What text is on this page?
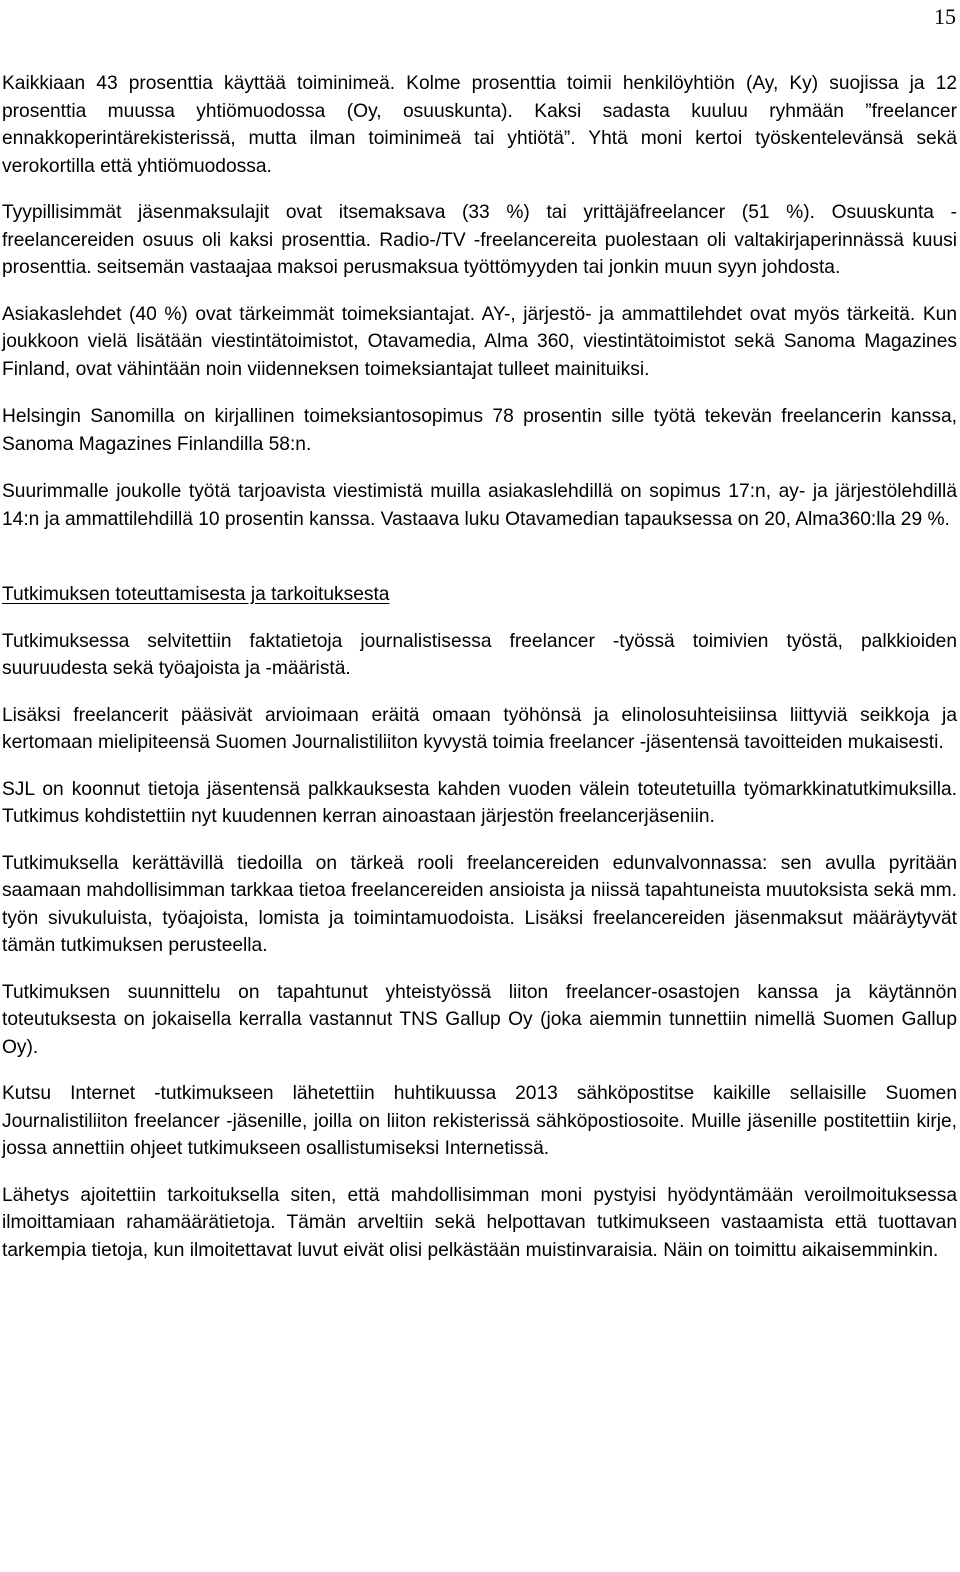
15

Kaikkiaan 43 prosenttia käyttää toiminimeä. Kolme prosenttia toimii henkilöyhtiön (Ay, Ky) suojissa ja 12 prosenttia muussa yhtiömuodossa (Oy, osuuskunta). Kaksi sadasta kuuluu ryhmään ”freelancer ennakkoperintärekisterissä, mutta ilman toiminimeä tai yhtiötä”. Yhtä moni kertoi työskentelevänsä sekä verokortilla että yhtiömuodossa.

Tyypillisimmät jäsenmaksulajit ovat itsemaksava (33 %) tai yrittäjäfreelancer (51 %). Osuuskunta -freelancereiden osuus oli kaksi prosenttia. Radio-/TV -freelancereita puolestaan oli valtakirjaperinnässä kuusi prosenttia. seitsemän vastaajaa maksoi perusmaksua työttömyyden tai jonkin muun syyn johdosta.

Asiakaslehdet (40 %) ovat tärkeimmät toimeksiantajat. AY-, järjestö- ja ammattilehdet ovat myös tärkeitä. Kun joukkoon vielä lisätään viestintätoimistot, Otavamedia, Alma 360, viestintätoimistot sekä Sanoma Magazines Finland, ovat vähintään noin viidenneksen toimeksiantajat tulleet mainituiksi.

Helsingin Sanomilla on kirjallinen toimeksiantosopimus 78 prosentin sille työtä tekevän freelancerin kanssa, Sanoma Magazines Finlandilla 58:n.

Suurimmalle joukolle työtä tarjoavista viestimistä muilla asiakaslehdillä on sopimus 17:n, ay- ja järjestölehdillä 14:n ja ammattilehdillä 10 prosentin kanssa. Vastaava luku Otavamedian tapauksessa on 20, Alma360:lla 29 %.

Tutkimuksen toteuttamisesta ja tarkoituksesta

Tutkimuksessa selvitettiin faktatietoja journalistisessa freelancer -työssä toimivien työstä, palkkioiden suuruudesta sekä työajoista ja -määristä.

Lisäksi freelancerit pääsivät arvioimaan eräitä omaan työhönsä ja elinolosuhteisiinsa liittyviä seikkoja ja kertomaan mielipiteensä Suomen Journalistiliiton kyvystä toimia freelancer -jäsentensä tavoitteiden mukaisesti.

SJL on koonnut tietoja jäsentensä palkkauksesta kahden vuoden välein toteutetuilla työmarkkinatutkimuksilla. Tutkimus kohdistettiin nyt kuudennen kerran ainoastaan järjestön freelancerjäseniin.

Tutkimuksella kerättävillä tiedoilla on tärkeä rooli freelancereiden edunvalvonnassa: sen avulla pyritään saamaan mahdollisimman tarkkaa tietoa freelancereiden ansioista ja niissä tapahtuneista muutoksista sekä mm. työn sivukuluista, työajoista, lomista ja toimintamuodoista. Lisäksi freelancereiden jäsenmaksut määräytyvät tämän tutkimuksen perusteella.

Tutkimuksen suunnittelu on tapahtunut yhteistyössä liiton freelancer-osastojen kanssa ja käytännön toteutuksesta on jokaisella kerralla vastannut TNS Gallup Oy (joka aiemmin tunnettiin nimellä Suomen Gallup Oy).

Kutsu Internet -tutkimukseen lähetettiin huhtikuussa 2013 sähköpostitse kaikille sellaisille Suomen Journalistiliiton freelancer -jäsenille, joilla on liiton rekisterissä sähköpostiosoite. Muille jäsenille postitettiin kirje, jossa annettiin ohjeet tutkimukseen osallistumiseksi Internetissä.

Lähetys ajoitettiin tarkoituksella siten, että mahdollisimman moni pystyisi hyödyntämään veroilmoituksessa ilmoittamiaan rahamäärätietoja. Tämän arveltiin sekä helpottavan tutkimukseen vastaamista että tuottavan tarkempia tietoja, kun ilmoitettavat luvut eivät olisi pelkästään muistinvaraisia. Näin on toimittu aikaisemminkin.
